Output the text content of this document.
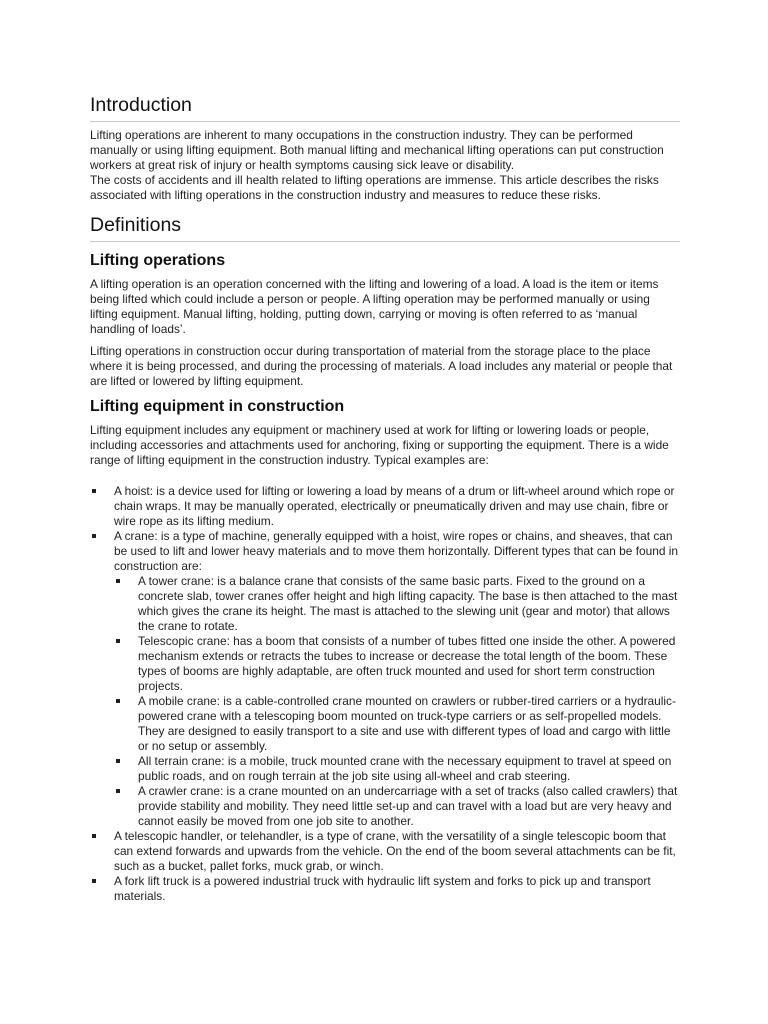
Introduction

Lifting operations are inherent to many occupations in the construction industry. They can be performed manually or using lifting equipment. Both manual lifting and mechanical lifting operations can put construction workers at great risk of injury or health symptoms causing sick leave or disability.

The costs of accidents and ill health related to lifting operations are immense. This article describes the risks associated with lifting operations in the construction industry and measures to reduce these risks.

Definitions
Lifting operations

A lifting operation is an operation concerned with the lifting and lowering of a load. A load is the item or items being lifted which could include a person or people. A lifting operation may be performed manually or using lifting equipment. Manual lifting, holding, putting down, carrying or moving is often referred to as ‘manual handling of loads’.

Lifting operations in construction occur during transportation of material from the storage place to the place where it is being processed, and during the processing of materials. A load includes any material or people that are lifted or lowered by lifting equipment.

Lifting equipment in construction

Lifting equipment includes any equipment or machinery used at work for lifting or lowering loads or people, including accessories and attachments used for anchoring, fixing or supporting the equipment. There is a wide range of lifting equipment in the construction industry. Typical examples are:

A hoist: is a device used for lifting or lowering a load by means of a drum or lift-wheel around which rope or chain wraps. It may be manually operated, electrically or pneumatically driven and may use chain, fibre or wire rope as its lifting medium.
A crane: is a type of machine, generally equipped with a hoist, wire ropes or chains, and sheaves, that can be used to lift and lower heavy materials and to move them horizontally. Different types that can be found in construction are:
A tower crane: is a balance crane that consists of the same basic parts. Fixed to the ground on a concrete slab, tower cranes offer height and high lifting capacity. The base is then attached to the mast which gives the crane its height. The mast is attached to the slewing unit (gear and motor) that allows the crane to rotate.
Telescopic crane: has a boom that consists of a number of tubes fitted one inside the other. A powered mechanism extends or retracts the tubes to increase or decrease the total length of the boom. These types of booms are highly adaptable, are often truck mounted and used for short term construction projects.
A mobile crane: is a cable-controlled crane mounted on crawlers or rubber-tired carriers or a hydraulic-powered crane with a telescoping boom mounted on truck-type carriers or as self-propelled models. They are designed to easily transport to a site and use with different types of load and cargo with little or no setup or assembly.
All terrain crane: is a mobile, truck mounted crane with the necessary equipment to travel at speed on public roads, and on rough terrain at the job site using all-wheel and crab steering.
A crawler crane: is a crane mounted on an undercarriage with a set of tracks (also called crawlers) that provide stability and mobility. They need little set-up and can travel with a load but are very heavy and cannot easily be moved from one job site to another.
A telescopic handler, or telehandler, is a type of crane, with the versatility of a single telescopic boom that can extend forwards and upwards from the vehicle. On the end of the boom several attachments can be fit, such as a bucket, pallet forks, muck grab, or winch.
A fork lift truck is a powered industrial truck with hydraulic lift system and forks to pick up and transport materials.
